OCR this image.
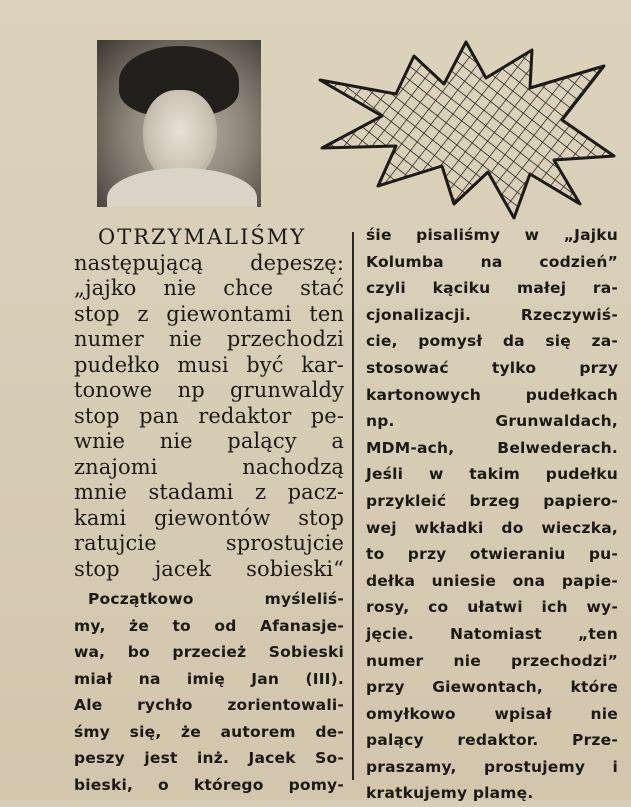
OTRZYMALIŚMY

następującą depeszę:

„jajko nie chce stać

stop z giewontami ten

numer nie przechodzi

pudełko musi być kar-

tonowe np grunwaldy

stop pan redaktor pe-

wnie nie palący a

znajomi nachodzą

mnie stadami z pacz-

kami giewontów stop

ratujcie sprostujcie

stop jacek sobieski“

Początkowo myśleliś-

my, że to od Afanasje-

wa, bo przecież Sobieski

miał na imię Jan (III).

Ale rychło zorientowali-

śmy się, że autorem de-

peszy jest inż. Jacek So-

bieski, o którego pomy-

śie pisaliśmy w „Jajku

Kolumba na codzień”

czyli kąciku małej ra-

cjonalizacji. Rzeczywiś-

cie, pomysł da się za-

stosować tylko przy

kartonowych pudełkach

np. Grunwaldach,

MDM-ach, Belwederach.

Jeśli w takim pudełku

przykleić brzeg papiero-

wej wkładki do wieczka,

to przy otwieraniu pu-

dełka uniesie ona papie-

rosy, co ułatwi ich wy-

jęcie. Natomiast „ten

numer nie przechodzi”

przy Giewontach, które

omyłkowo wpisał nie

palący redaktor. Prze-

praszamy, prostujemy i

kratkujemy plamę.
